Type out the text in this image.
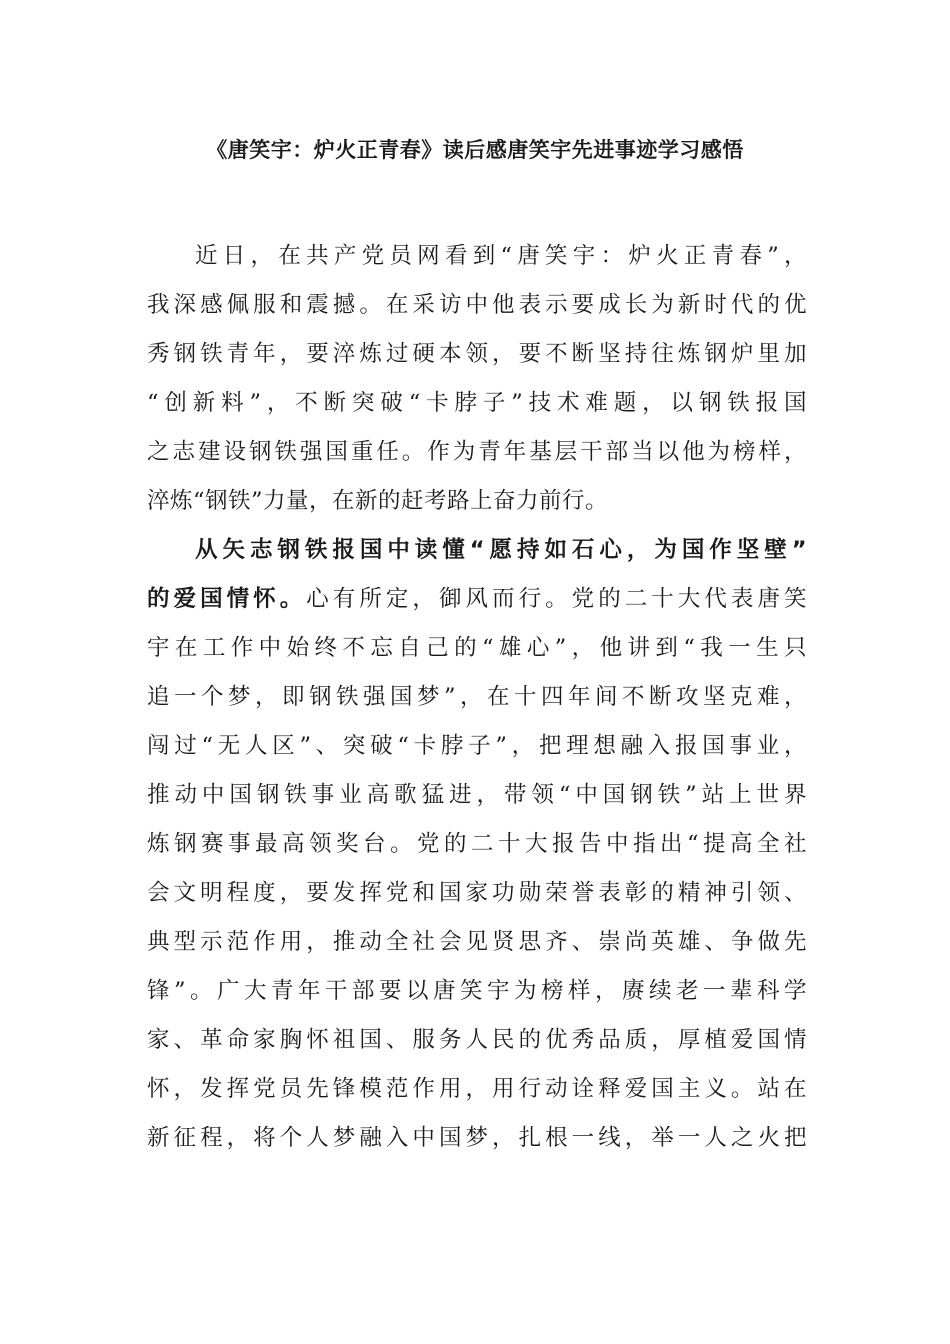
《唐笑宇：炉火正青春》读后感唐笑宇先进事迹学习感悟
近日，在共产党员网看到“唐笑宇：炉火正青春”，
我深感佩服和震撼。在采访中他表示要成长为新时代的优
秀钢铁青年，要淬炼过硬本领，要不断坚持往炼钢炉里加
“创新料”，不断突破“卡脖子”技术难题，以钢铁报国
之志建设钢铁强国重任。作为青年基层干部当以他为榜样，
淬炼“钢铁”力量，在新的赶考路上奋力前行。
从矢志钢铁报国中读懂“愿持如石心，为国作坚壁”
的爱国情怀。心有所定，御风而行。党的二十大代表唐笑
宇在工作中始终不忘自己的“雄心”，他讲到“我一生只
追一个梦，即钢铁强国梦”，在十四年间不断攻坚克难，
闯过“无人区”、突破“卡脖子”，把理想融入报国事业，
推动中国钢铁事业高歌猛进，带领“中国钢铁”站上世界
炼钢赛事最高领奖台。党的二十大报告中指出“提高全社
会文明程度，要发挥党和国家功勋荣誉表彰的精神引领、
典型示范作用，推动全社会见贤思齐、崇尚英雄、争做先
锋”。广大青年干部要以唐笑宇为榜样，赓续老一辈科学
家、革命家胸怀祖国、服务人民的优秀品质，厚植爱国情
怀，发挥党员先锋模范作用，用行动诠释爱国主义。站在
新征程，将个人梦融入中国梦，扎根一线，举一人之火把
